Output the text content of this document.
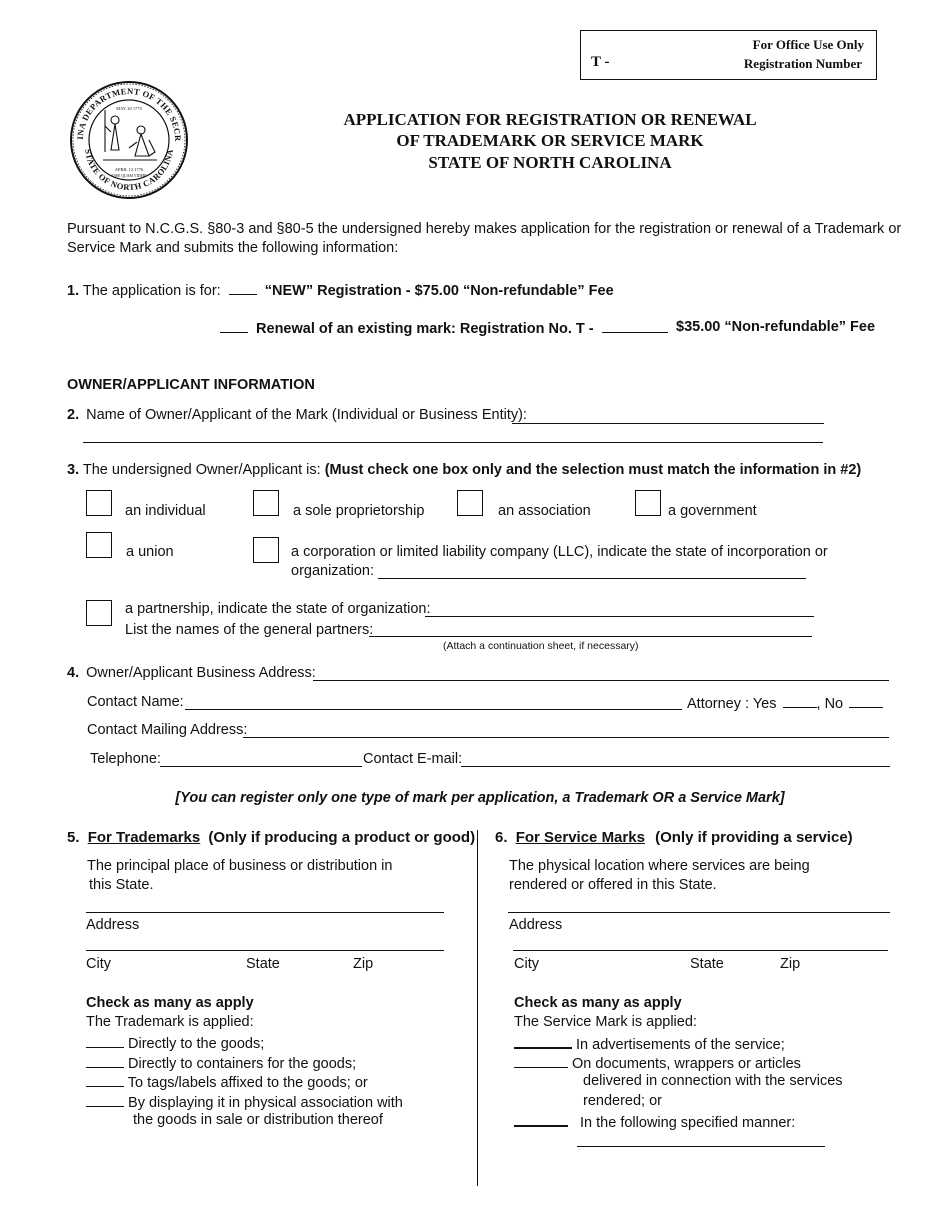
For Office Use Only
Registration Number
T -
INA DEPARTMENT OF THE SECR
STATE OF NORTH CAROLINA
MAY 20 1775
APRIL 12 1776
ESSE QUAM VIDERI
APPLICATION FOR REGISTRATION OR RENEWAL
OF TRADEMARK OR SERVICE MARK
STATE OF NORTH CAROLINA
Pursuant to N.C.G.S. §80-3 and §80-5 the undersigned hereby makes application for the registration or renewal of a Trademark or
Service Mark and submits the following information:
1. The application is for:	“NEW” Registration - $75.00 “Non-refundable” Fee
Renewal of an existing mark: Registration No. T -	$35.00 “Non-refundable” Fee
OWNER/APPLICANT INFORMATION
2. Name of Owner/Applicant of the Mark (Individual or Business Entity):
3. The undersigned Owner/Applicant is: (Must check one box only and the selection must match the information in #2)
an individual	a sole proprietorship	an association	a government
a union	a corporation or limited liability company (LLC), indicate the state of incorporation or
organization:
a partnership, indicate the state of organization:
List the names of the general partners:
(Attach a continuation sheet, if necessary)
4. Owner/Applicant Business Address:
Contact Name:	Attorney : Yes	, No
Contact Mailing Address:
Telephone:	Contact E-mail:
[You can register only one type of mark per application, a Trademark OR a Service Mark]
5. For Trademarks (Only if producing a product or good)
The principal place of business or distribution in
this State.
Address
City	State	Zip
Check as many as apply
The Trademark is applied:
Directly to the goods;
Directly to containers for the goods;
To tags/labels affixed to the goods; or
By displaying it in physical association with
the goods in sale or distribution thereof
6. For Service Marks (Only if providing a service)
The physical location where services are being
rendered or offered in this State.
Address
City	State	Zip
Check as many as apply
The Service Mark is applied:
In advertisements of the service;
On documents, wrappers or articles
delivered in connection with the services
rendered; or
In the following specified manner:
